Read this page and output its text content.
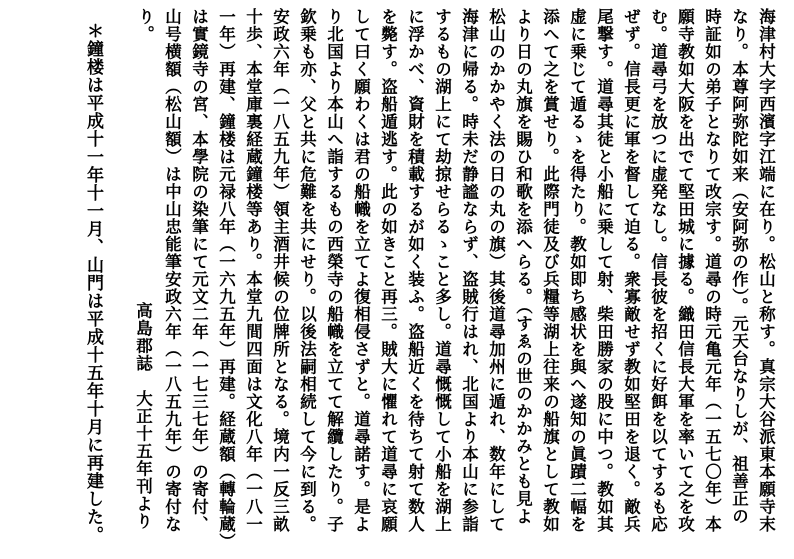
海津村大字西濱字江端に在り。松山と称す。真宗大谷派東本願寺末
なり。本尊阿弥陀如来（安阿弥の作）。元天台なりしが、祖善正の
時証如の弟子となりて改宗す。道尋の時元亀元年（一五七〇年）本
願寺教如大阪を出でて堅田城に據る。織田信長大軍を率いて之を攻
む。道尋弓を放つに虚発なし。信長彼を招くに好餌を以てするも応
ぜず。信長更に軍を督して迫る。衆寡敵せず教如堅田を退く。敵兵
尾撃す。道尋其徒と小船に乗して射、柴田勝家の股に中つ。教如其
虚に乗じて遁るゝを得たり。教如即ち感状を與へ遂知の眞蹟二幅を
添へて之を賞せり。此際門徒及び兵糧等湖上往来の船旗として教如
より日の丸旗を賜ひ和歌を添へらる。（すゑの世のかかみとも見よ
松山のかかやく法の日の丸の旗）其後道尋加州に遁れ、数年にして
海津に帰る。時未だ静謐ならず、盗賊行はれ、北国より本山に参詣
するもの湖上にて劫掠せらるゝこと多し。道尋慨慨して小船を湖上
に浮かべ、資財を積載するが如く装ふ。盗船近くを待ちて射て数人
を斃す。盗船遁逃す。此の如きこと再三。賊大に懼れて道尋に哀願
して曰く願わくは君の船幟を立てよ復相侵さずと。道尋諾す。是よ
り北国より本山へ詣するもの西榮寺の船幟を立てて解纜したり。子
欽乗も亦、父と共に危難を共にせり。以後法嗣相続して今に到る。
安政六年（一八五九年）領主酒井候の位牌所となる。境内一反三畝
十歩、本堂庫裏経蔵鐘楼等あり。本堂九間四面は文化八年（一八一
一年）再建、鐘楼は元禄八年（一六九五年）再建。経蔵額（轉輪蔵）
は實鏡寺の宮、本學院の染筆にて元文二年（一七三七年）の寄付、
山号横額（松山額）は中山忠能筆安政六年（一八五九年）の寄付な
り。
高島郡誌
大正十五年刊より
＊鐘楼は平成十一年十一月、山門は平成十五年十月に再建した。
